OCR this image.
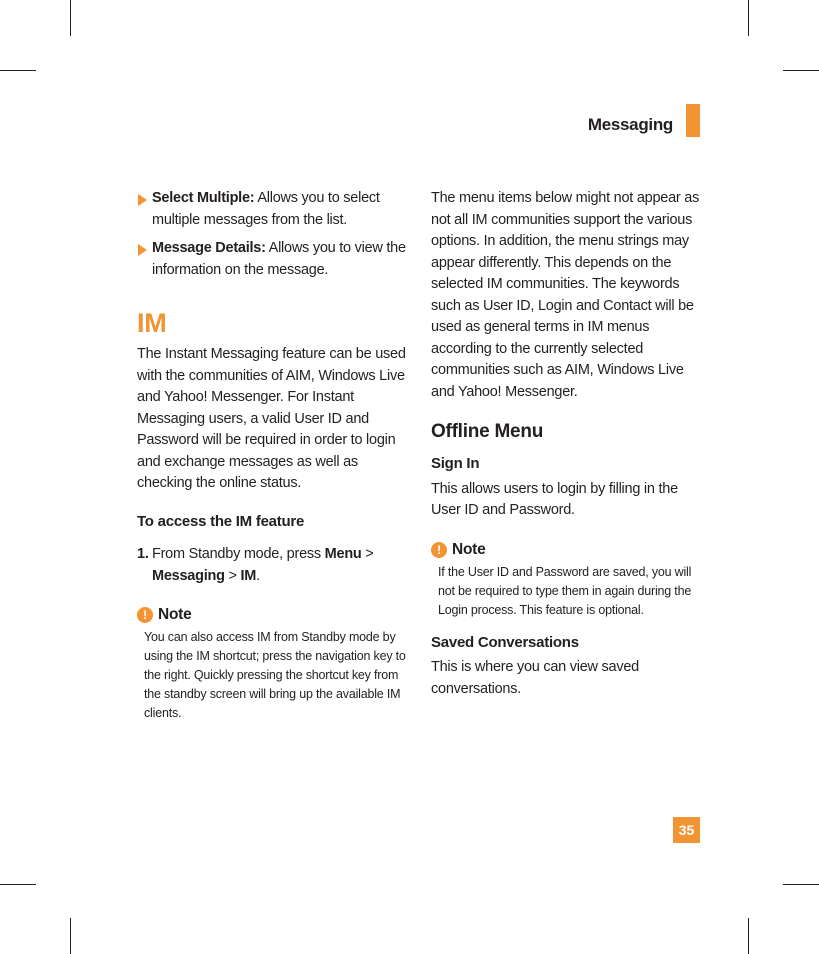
Messaging
Select Multiple: Allows you to select multiple messages from the list.
Message Details: Allows you to view the information on the message.
IM

The Instant Messaging feature can be used with the communities of AIM, Windows Live and Yahoo! Messenger. For Instant Messaging users, a valid User ID and Password will be required in order to login and exchange messages as well as checking the online status.

To access the IM feature
1. From Standby mode, press Menu > Messaging > IM.
! Note
You can also access IM from Standby mode by using the IM shortcut; press the navigation key to the right. Quickly pressing the shortcut key from the standby screen will bring up the available IM clients.

The menu items below might not appear as not all IM communities support the various options. In addition, the menu strings may appear differently. This depends on the selected IM communities. The keywords such as User ID, Login and Contact will be used as general terms in IM menus according to the currently selected communities such as AIM, Windows Live and Yahoo! Messenger.

Offline Menu
Sign In

This allows users to login by filling in the User ID and Password.

! Note
If the User ID and Password are saved, you will not be required to type them in again during the Login process. This feature is optional.
Saved Conversations

This is where you can view saved conversations.

35
